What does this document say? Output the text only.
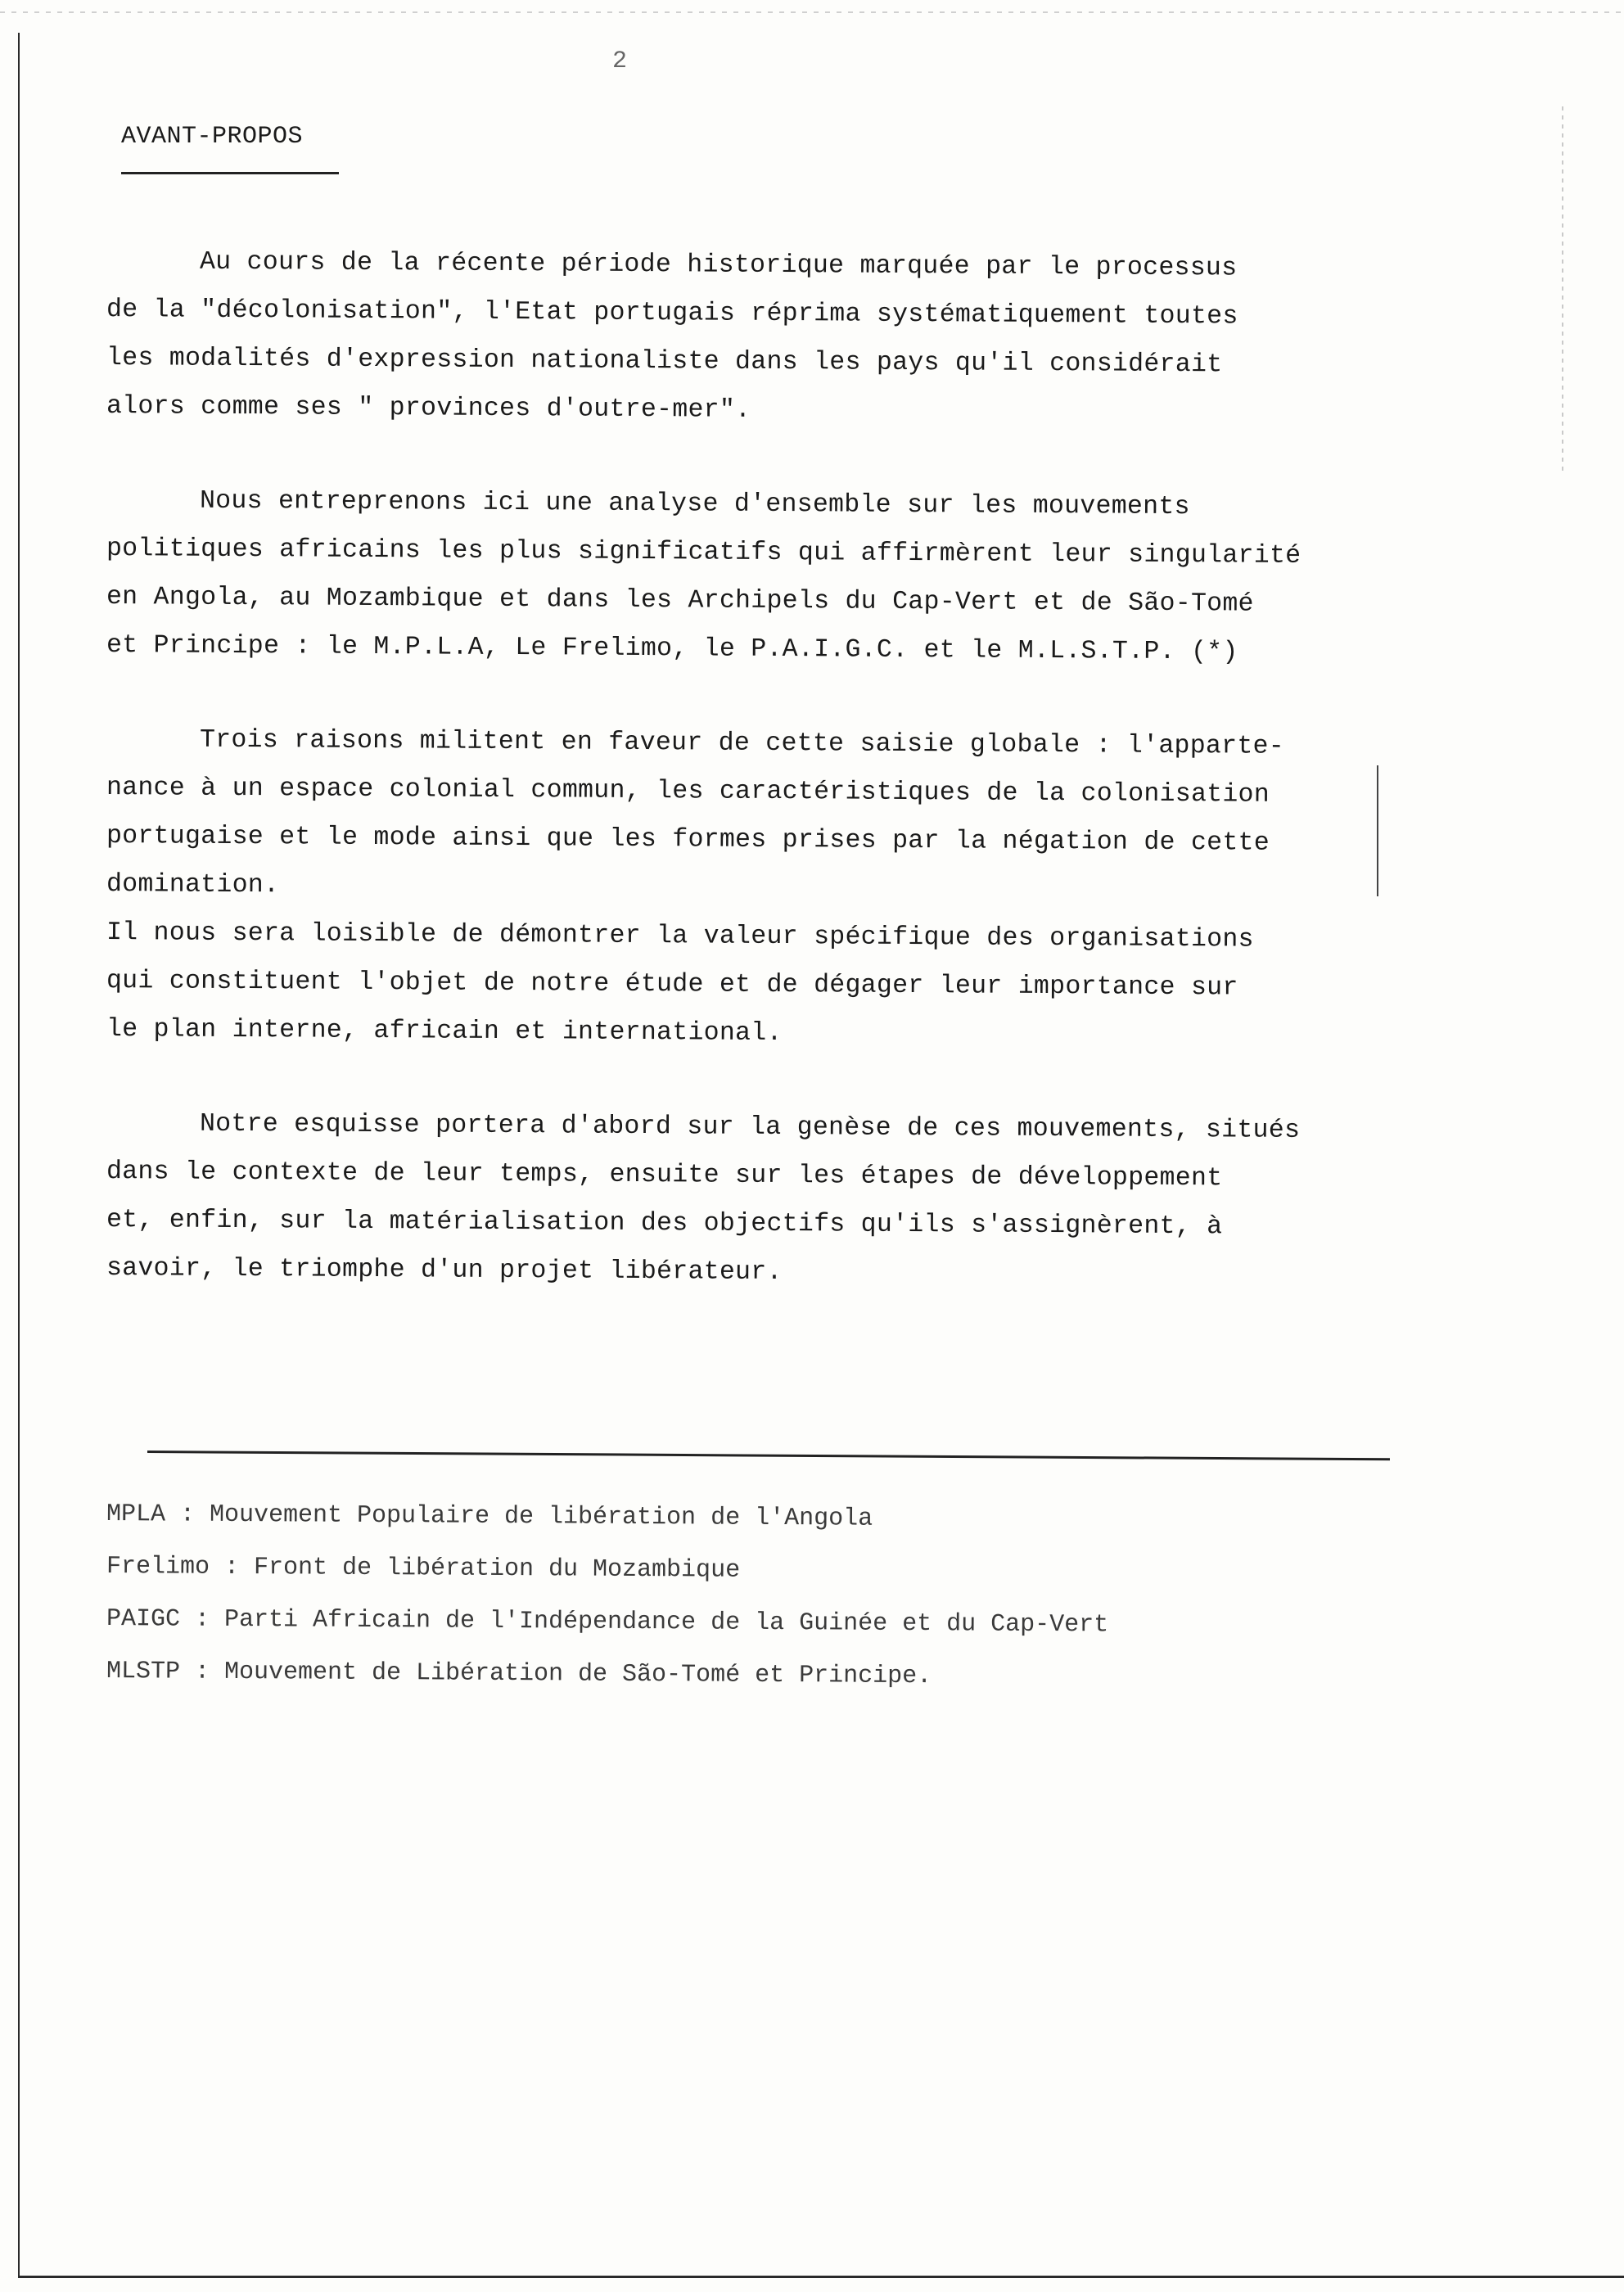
2
AVANT-PROPOS
Au cours de la récente période historique marquée par le processus
de la "décolonisation", l'Etat portugais réprima systématiquement toutes
les modalités d'expression nationaliste dans les pays qu'il considérait
alors comme ses " provinces d'outre-mer".
Nous entreprenons ici une analyse d'ensemble sur les mouvements
politiques africains les plus significatifs qui affirmèrent leur singularité
en Angola, au Mozambique et dans les Archipels du Cap-Vert et de São-Tomé
et Principe : le M.P.L.A, Le Frelimo, le P.A.I.G.C. et le M.L.S.T.P. (*)
Trois raisons militent en faveur de cette saisie globale : l'apparte-
nance à un espace colonial commun, les caractéristiques de la colonisation
portugaise et le mode ainsi que les formes prises par la négation de cette
domination.
Il nous sera loisible de démontrer la valeur spécifique des organisations
qui constituent l'objet de notre étude et de dégager leur importance sur
le plan interne, africain et international.
Notre esquisse portera d'abord sur la genèse de ces mouvements, situés
dans le contexte de leur temps, ensuite sur les étapes de développement
et, enfin, sur la matérialisation des objectifs qu'ils s'assignèrent, à
savoir, le triomphe d'un projet libérateur.
MPLA : Mouvement Populaire de libération de l'Angola
Frelimo : Front de libération du Mozambique
PAIGC : Parti Africain de l'Indépendance de la Guinée et du Cap-Vert
MLSTP : Mouvement de Libération de São-Tomé et Principe.
